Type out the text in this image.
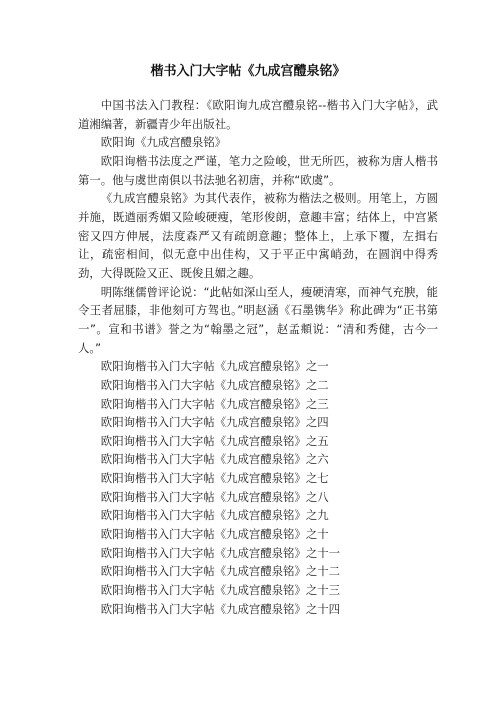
楷书入门大字帖《九成宫醴泉铭》

中国书法入门教程：《欧阳询九成宫醴泉铭--楷书入门大字帖》，武道湘编著，新疆青少年出版社。

欧阳询《九成宫醴泉铭》

欧阳询楷书法度之严谨，笔力之险峻，世无所匹，被称为唐人楷书第一。他与虞世南俱以书法驰名初唐，并称“欧虞”。

《九成宫醴泉铭》为其代表作，被称为楷法之极则。用笔上，方圆并施，既遒丽秀媚又险峻硬瘦，笔形俊朗，意趣丰富；结体上，中宫紧密又四方伸展，法度森严又有疏朗意趣；整体上，上承下覆，左揖右让，疏密相间，似无意中出佳构，又于平正中寓峭劲，在圆润中得秀劲，大得既险又正、既俊且媚之趣。

明陈继儒曾评论说：“此帖如深山至人，瘦硬清寒，而神气充腴，能令王者屈膝，非他刻可方驾也。”明赵涵《石墨镌华》称此碑为“正书第一”。宣和书谱》誉之为“翰墨之冠”，赵孟頫说：“清和秀健，古今一人。”

欧阳询楷书入门大字帖《九成宫醴泉铭》之一
欧阳询楷书入门大字帖《九成宫醴泉铭》之二
欧阳询楷书入门大字帖《九成宫醴泉铭》之三
欧阳询楷书入门大字帖《九成宫醴泉铭》之四
欧阳询楷书入门大字帖《九成宫醴泉铭》之五
欧阳询楷书入门大字帖《九成宫醴泉铭》之六
欧阳询楷书入门大字帖《九成宫醴泉铭》之七
欧阳询楷书入门大字帖《九成宫醴泉铭》之八
欧阳询楷书入门大字帖《九成宫醴泉铭》之九
欧阳询楷书入门大字帖《九成宫醴泉铭》之十
欧阳询楷书入门大字帖《九成宫醴泉铭》之十一
欧阳询楷书入门大字帖《九成宫醴泉铭》之十二
欧阳询楷书入门大字帖《九成宫醴泉铭》之十三
欧阳询楷书入门大字帖《九成宫醴泉铭》之十四
